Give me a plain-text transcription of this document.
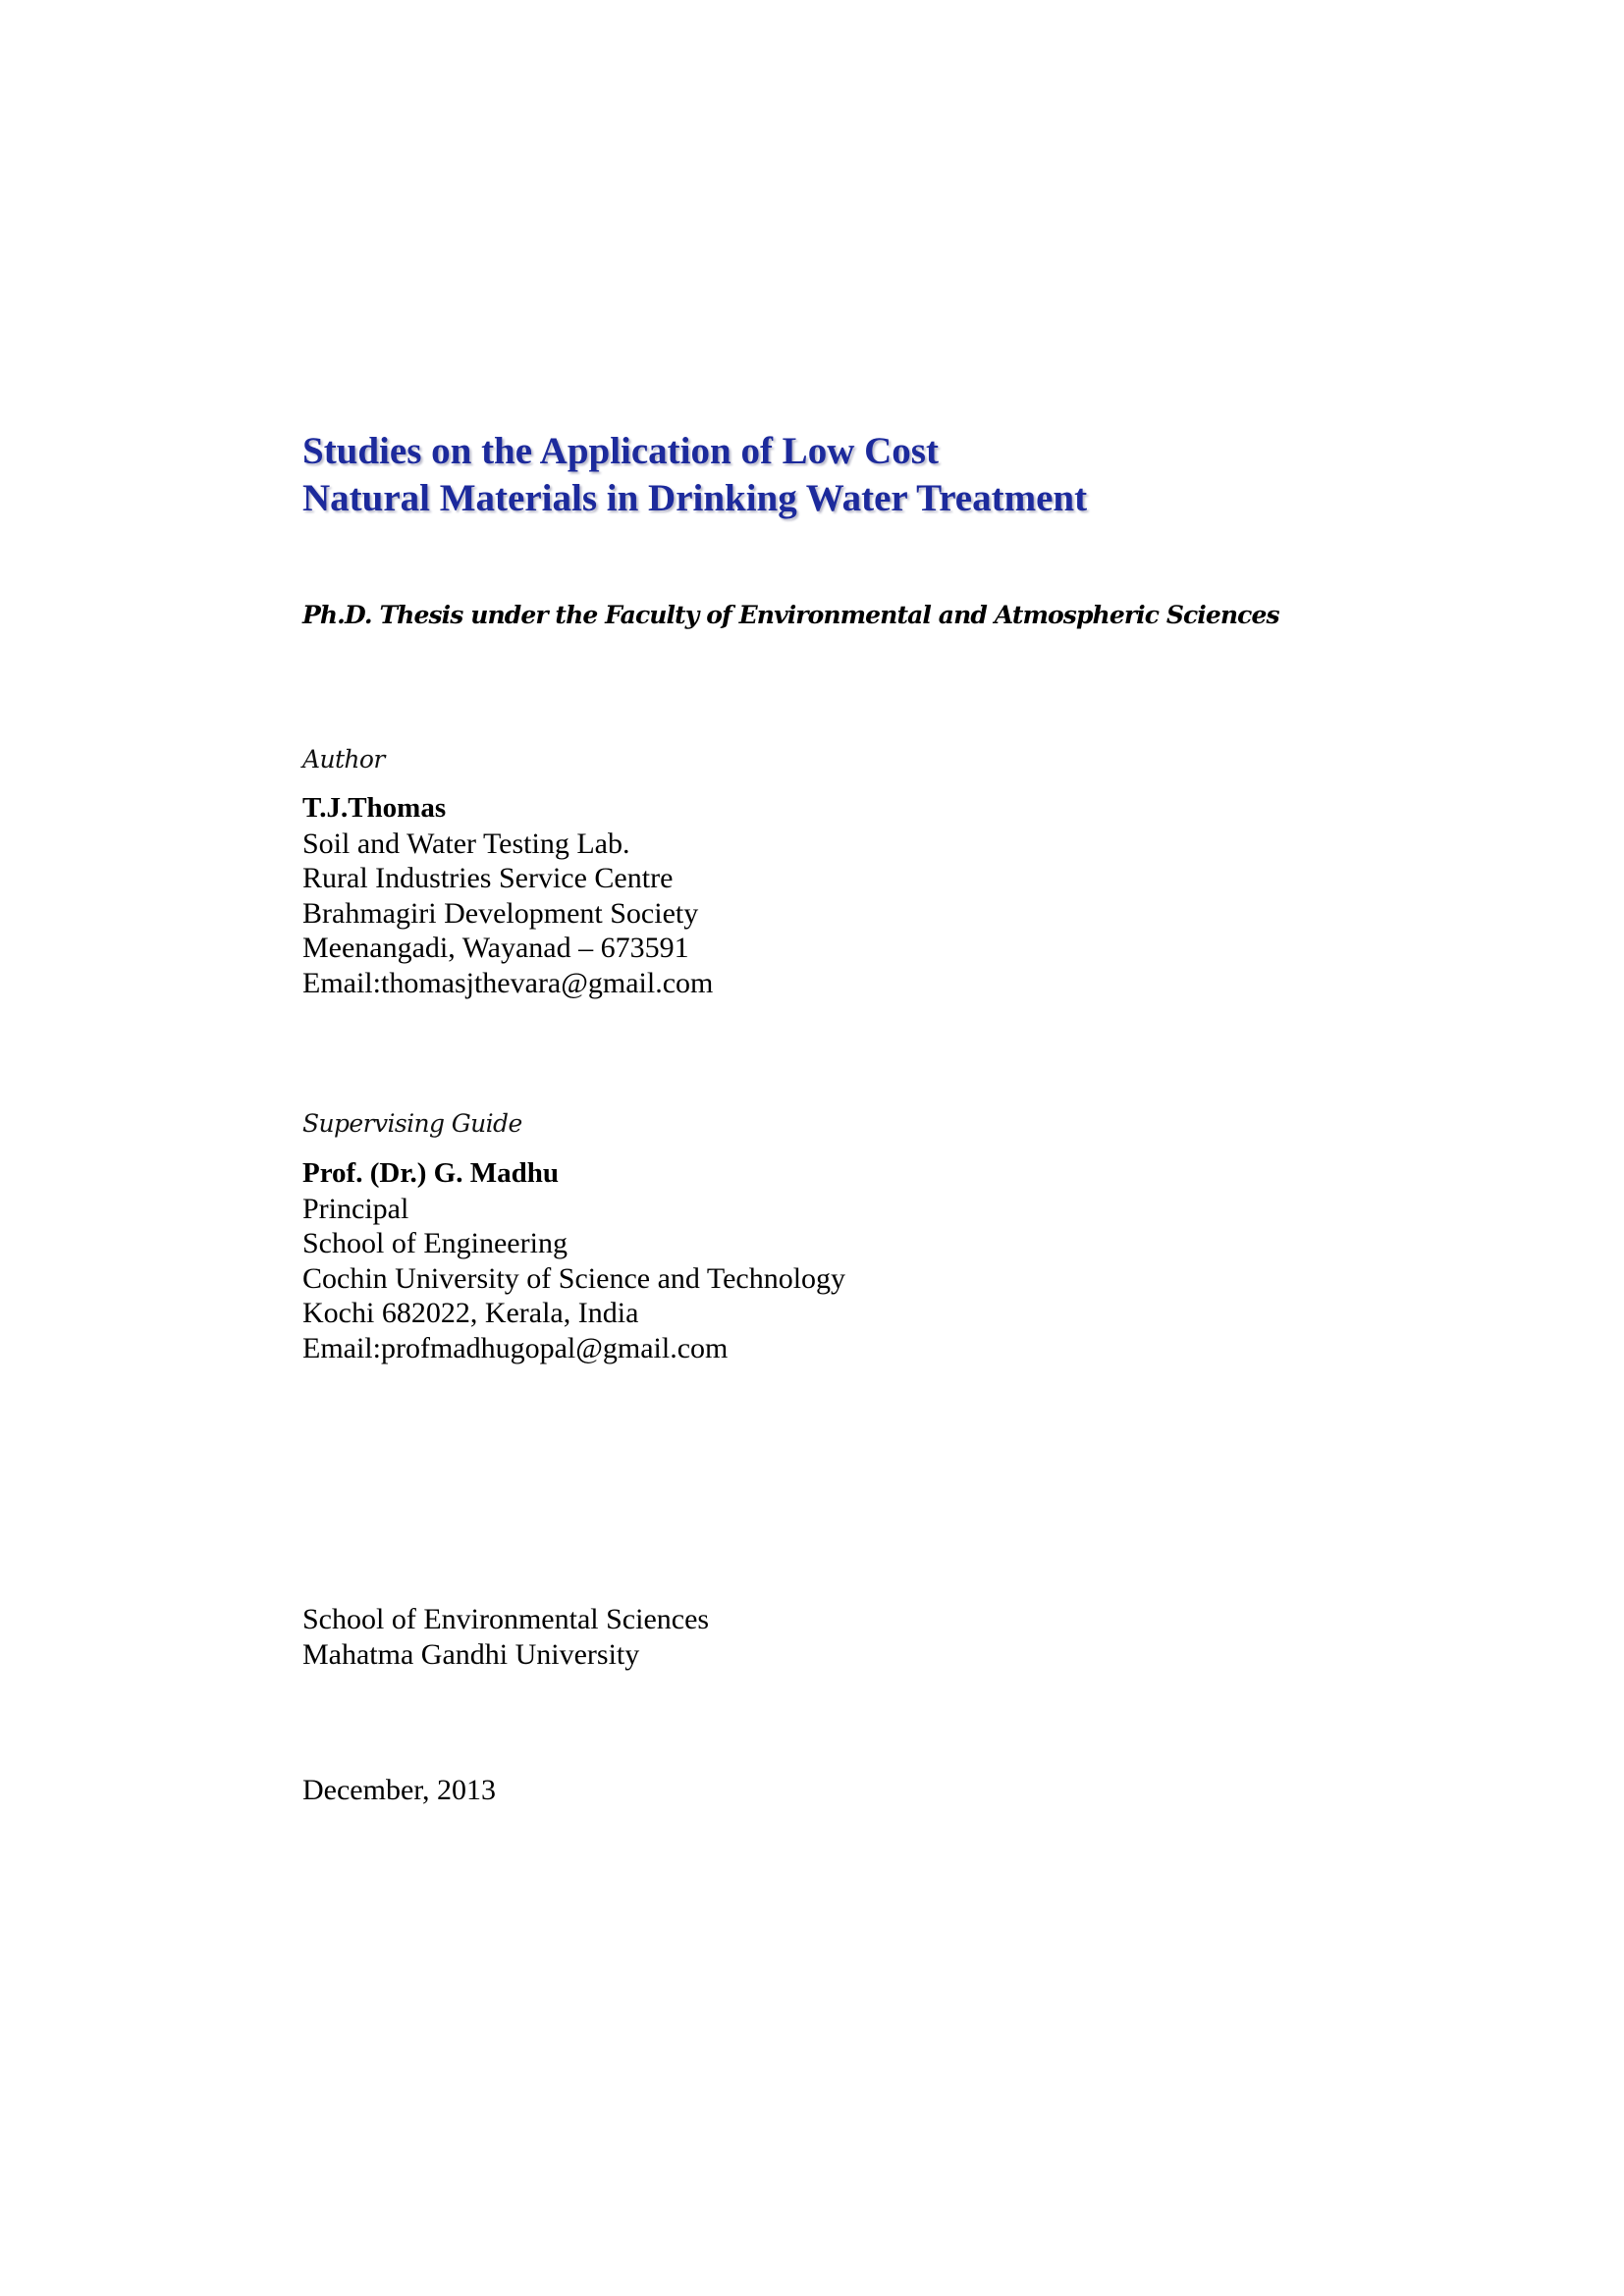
Studies on the Application of Low Cost
Natural Materials in Drinking Water Treatment
Ph.D. Thesis under the Faculty of Environmental and Atmospheric Sciences
Author
T.J.Thomas
Soil and Water Testing Lab.
Rural Industries Service Centre
Brahmagiri Development Society
Meenangadi, Wayanad – 673591
Email:thomasjthevara@gmail.com
Supervising Guide
Prof. (Dr.) G. Madhu
Principal
School of Engineering
Cochin University of Science and Technology
Kochi 682022, Kerala, India
Email:profmadhugopal@gmail.com
School of Environmental Sciences
Mahatma Gandhi University
December, 2013
